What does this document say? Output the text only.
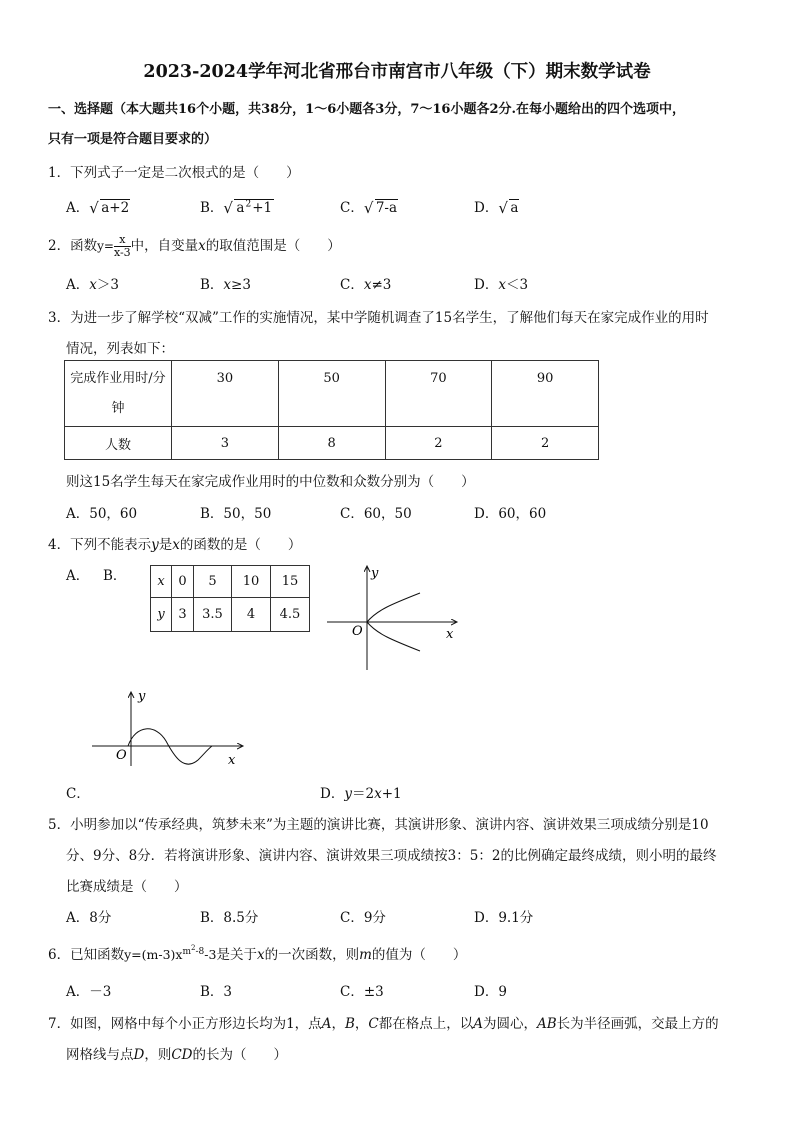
2023-2024学年河北省邢台市南宫市八年级（下）期末数学试卷
一、选择题（本大题共16个小题，共38分，1～6小题各3分，7～16小题各2分.在每小题给出的四个选项中，
只有一项是符合题目要求的）
1．下列式子一定是二次根式的是（　　）
A． √ a+2	B． √ $a^2+1$	C． √ 7-a	D． √ a
2．函数$y= \frac{x}{x-3}$ 中，自变量x的取值范围是（　　）
A．x＞3	B．x≥3	C．x≠3	D．x＜3
3．为进一步了解学校“双减”工作的实施情况，某中学随机调查了15名学生，了解他们每天在家完成作业的用时
情况，列表如下：
完成作业用时/分
钟	30	50	70	90
人数	3	8	2	2
则这15名学生每天在家完成作业用时的中位数和众数分别为（　　）
A．50，60	B．50，50	C．60，50	D．60，60
4．下列不能表示y是x的函数的是（　　）
A． B． x	0	5	10	15
y	3	3.5	4	4.5
y
O	x
y
O	x
C．	D．y＝2x+1
5．小明参加以“传承经典，筑梦未来”为主题的演讲比赛，其演讲形象、演讲内容、演讲效果三项成绩分别是10
分、9分、8分．若将演讲形象、演讲内容、演讲效果三项成绩按3：5：2的比例确定最终成绩，则小明的最终
比赛成绩是（　　）
A．8分	B．8.5分	C．9分	D．9.1分
6．已知函数$y=(m-3)x^{m^2-8}-3$是关于x的一次函数，则m的值为（　　）
A．－3	B．3	C．±3	D．9
7．如图，网格中每个小正方形边长均为1，点A，B，C都在格点上，以A为圆心，AB长为半径画弧，交最上方的
网格线与点D，则CD的长为（　　）
